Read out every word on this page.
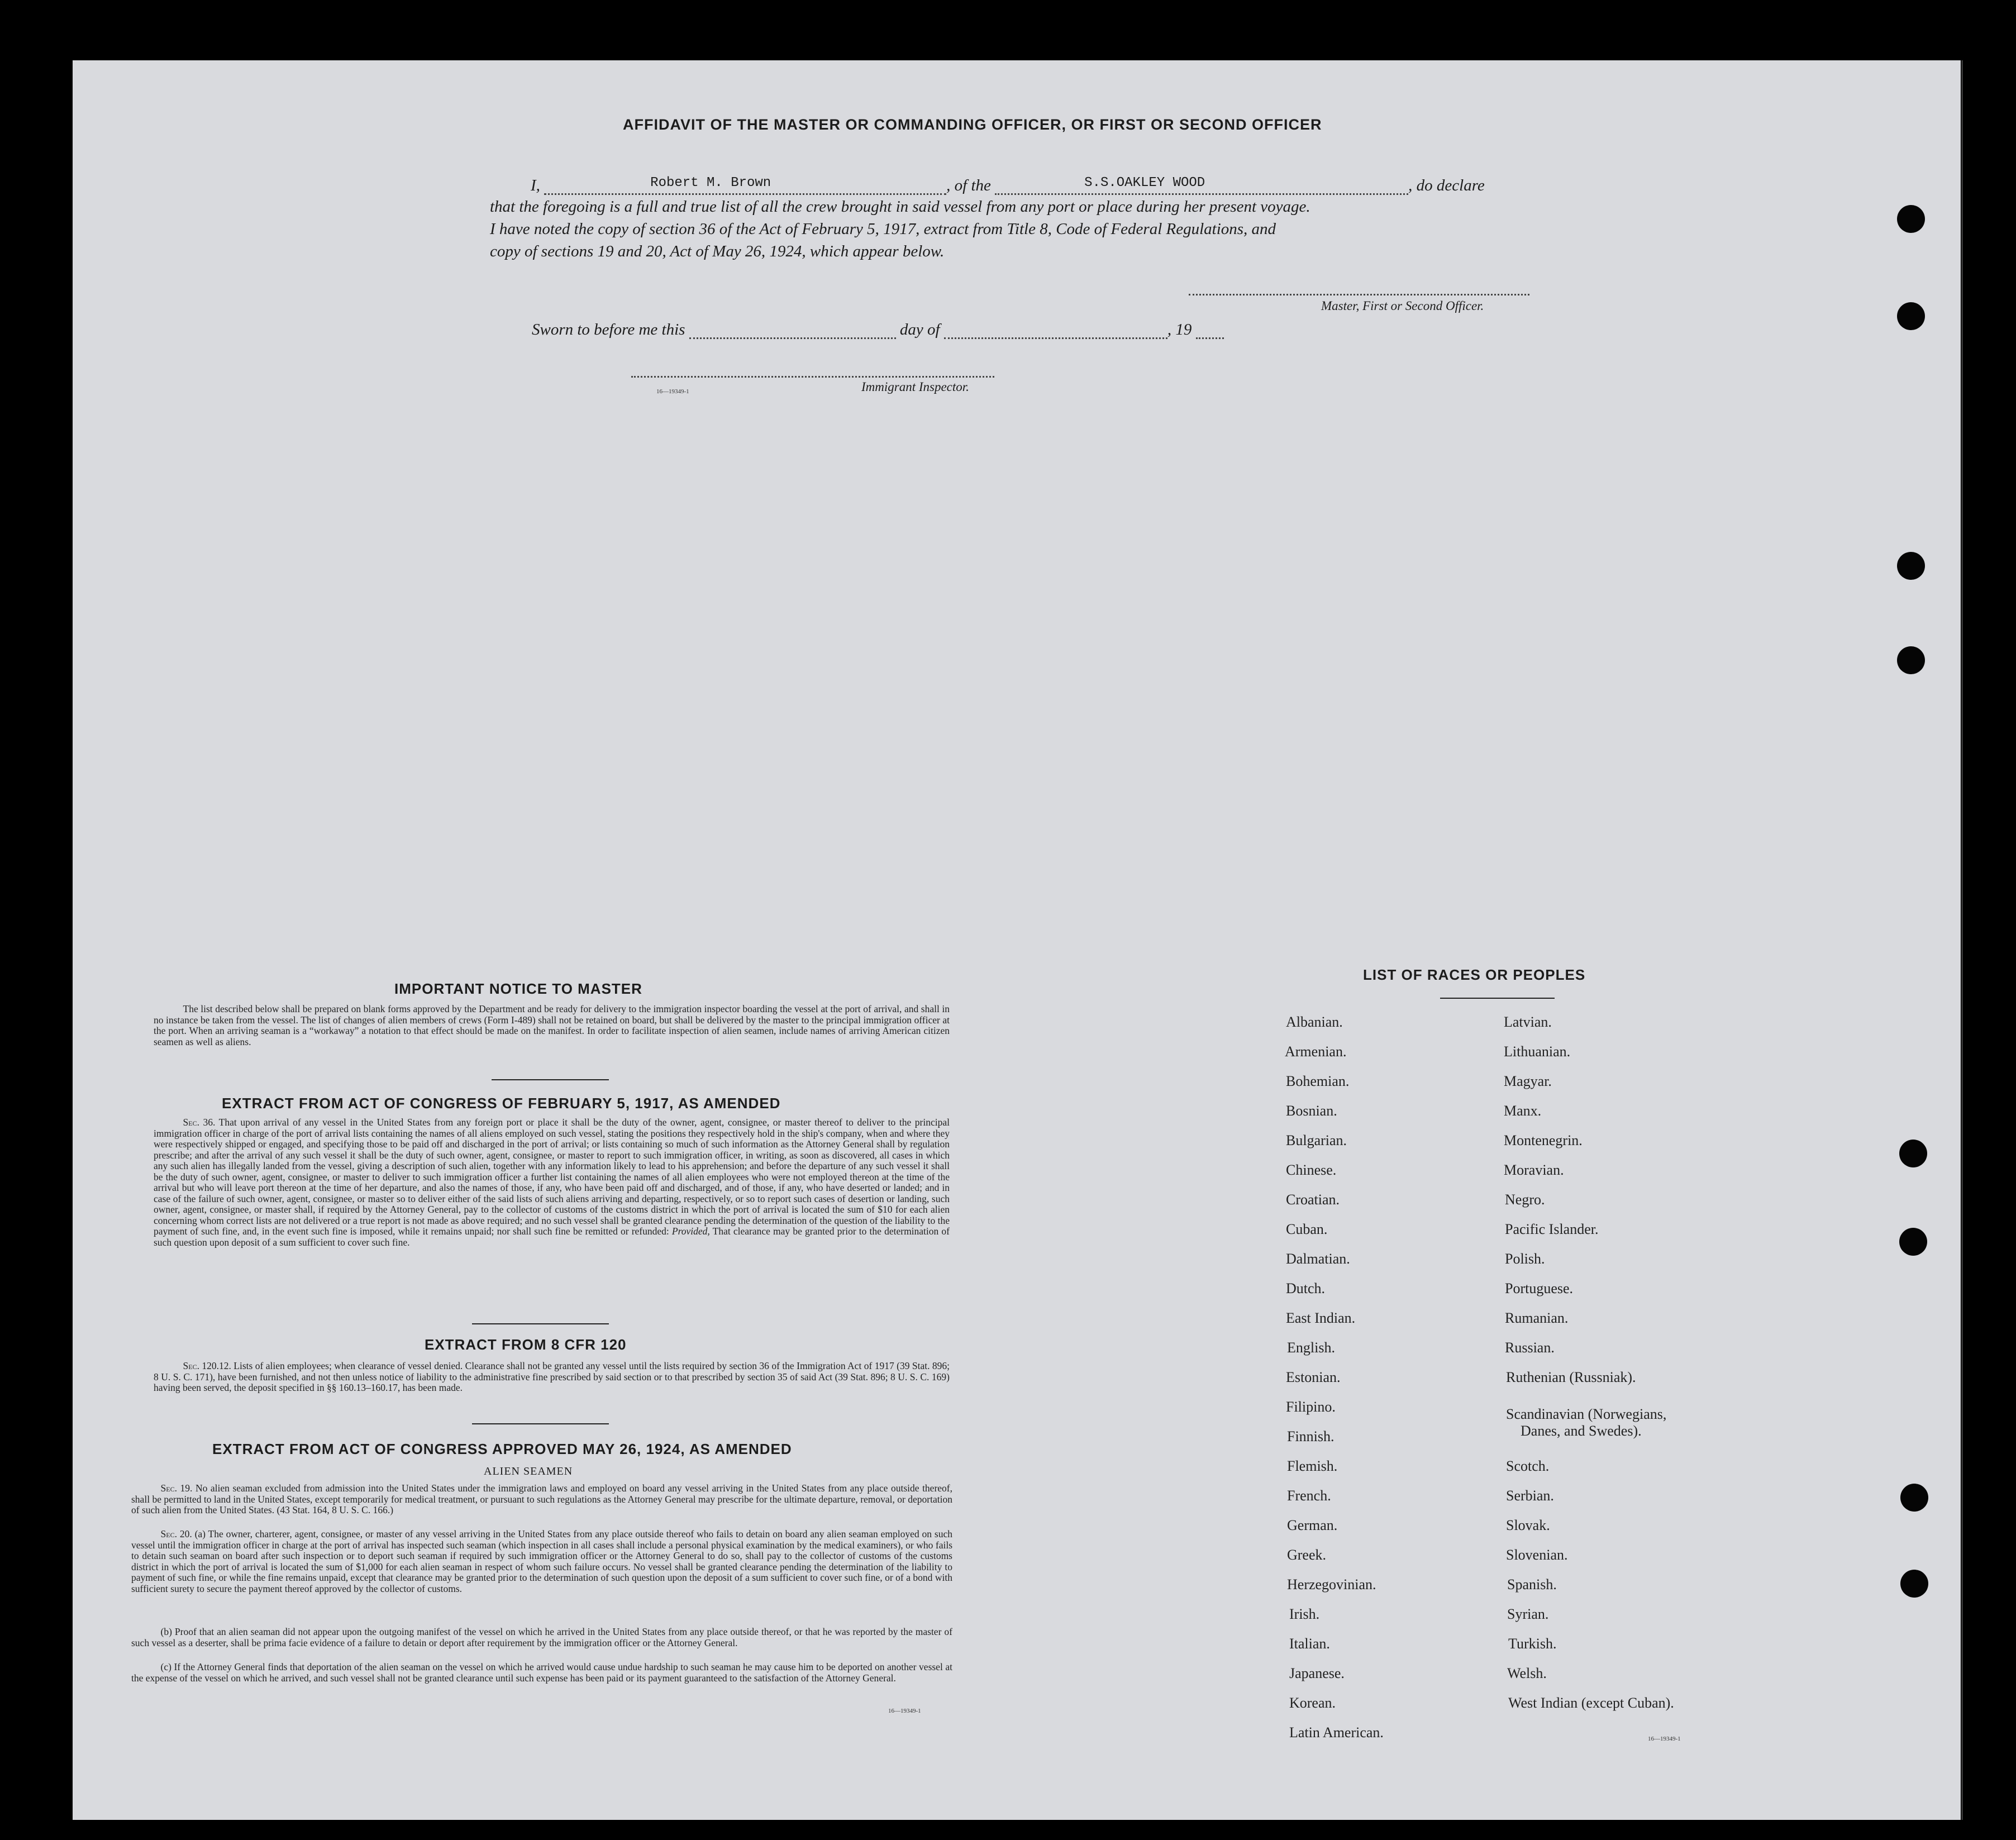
AFFIDAVIT OF THE MASTER OR COMMANDING OFFICER, OR FIRST OR SECOND OFFICER
I,	Robert M. Brown	, of the	S.S.OAKLEY WOOD	, do declare
that the foregoing is a full and true list of all the crew brought in said vessel from any port or place during her present voyage.
I have noted the copy of section 36 of the Act of February 5, 1917, extract from Title 8, Code of Federal Regulations, and
copy of sections 19 and 20, Act of May 26, 1924, which appear below.
Master, First or Second Officer.
Sworn to before me this	day of	, 19
16—19349-1	Immigrant Inspector.
IMPORTANT NOTICE TO MASTER
The list described below shall be prepared on blank forms approved by the Department and be ready for delivery to the immigration inspector boarding the vessel at the port of arrival, and shall in no instance be taken from the vessel. The list of changes of alien members of crews (Form I-489) shall not be retained on board, but shall be delivered by the master to the principal immigration officer at the port. When an arriving seaman is a “workaway” a notation to that effect should be made on the manifest. In order to facilitate inspection of alien seamen, include names of arriving American citizen seamen as well as aliens.
EXTRACT FROM ACT OF CONGRESS OF FEBRUARY 5, 1917, AS AMENDED
Sec. 36. That upon arrival of any vessel in the United States from any foreign port or place it shall be the duty of the owner, agent, consignee, or master thereof to deliver to the principal immigration officer in charge of the port of arrival lists containing the names of all aliens employed on such vessel, stating the positions they respectively hold in the ship's company, when and where they were respectively shipped or engaged, and specifying those to be paid off and discharged in the port of arrival; or lists containing so much of such information as the Attorney General shall by regulation prescribe; and after the arrival of any such vessel it shall be the duty of such owner, agent, consignee, or master to report to such immigration officer, in writing, as soon as discovered, all cases in which any such alien has illegally landed from the vessel, giving a description of such alien, together with any information likely to lead to his apprehension; and before the departure of any such vessel it shall be the duty of such owner, agent, consignee, or master to deliver to such immigration officer a further list containing the names of all alien employees who were not employed thereon at the time of the arrival but who will leave port thereon at the time of her departure, and also the names of those, if any, who have been paid off and discharged, and of those, if any, who have deserted or landed; and in case of the failure of such owner, agent, consignee, or master so to deliver either of the said lists of such aliens arriving and departing, respectively, or so to report such cases of desertion or landing, such owner, agent, consignee, or master shall, if required by the Attorney General, pay to the collector of customs of the customs district in which the port of arrival is located the sum of $10 for each alien concerning whom correct lists are not delivered or a true report is not made as above required; and no such vessel shall be granted clearance pending the determination of the question of the liability to the payment of such fine, and, in the event such fine is imposed, while it remains unpaid; nor shall such fine be remitted or refunded: Provided, That clearance may be granted prior to the determination of such question upon deposit of a sum sufficient to cover such fine.
EXTRACT FROM 8 CFR 120
Sec. 120.12. Lists of alien employees; when clearance of vessel denied. Clearance shall not be granted any vessel until the lists required by section 36 of the Immigration Act of 1917 (39 Stat. 896; 8 U. S. C. 171), have been furnished, and not then unless notice of liability to the administrative fine prescribed by said section or to that prescribed by section 35 of said Act (39 Stat. 896; 8 U. S. C. 169) having been served, the deposit specified in §§ 160.13–160.17, has been made.
EXTRACT FROM ACT OF CONGRESS APPROVED MAY 26, 1924, AS AMENDED
ALIEN SEAMEN
Sec. 19. No alien seaman excluded from admission into the United States under the immigration laws and employed on board any vessel arriving in the United States from any place outside thereof, shall be permitted to land in the United States, except temporarily for medical treatment, or pursuant to such regulations as the Attorney General may prescribe for the ultimate departure, removal, or deportation of such alien from the United States. (43 Stat. 164, 8 U. S. C. 166.)
Sec. 20. (a) The owner, charterer, agent, consignee, or master of any vessel arriving in the United States from any place outside thereof who fails to detain on board any alien seaman employed on such vessel until the immigration officer in charge at the port of arrival has inspected such seaman (which inspection in all cases shall include a personal physical examination by the medical examiners), or who fails to detain such seaman on board after such inspection or to deport such seaman if required by such immigration officer or the Attorney General to do so, shall pay to the collector of customs of the customs district in which the port of arrival is located the sum of $1,000 for each alien seaman in respect of whom such failure occurs. No vessel shall be granted clearance pending the determination of the liability to payment of such fine, or while the fine remains unpaid, except that clearance may be granted prior to the determination of such question upon the deposit of a sum sufficient to cover such fine, or of a bond with sufficient surety to secure the payment thereof approved by the collector of customs.
(b) Proof that an alien seaman did not appear upon the outgoing manifest of the vessel on which he arrived in the United States from any place outside thereof, or that he was reported by the master of such vessel as a deserter, shall be prima facie evidence of a failure to detain or deport after requirement by the immigration officer or the Attorney General.
(c) If the Attorney General finds that deportation of the alien seaman on the vessel on which he arrived would cause undue hardship to such seaman he may cause him to be deported on another vessel at the expense of the vessel on which he arrived, and such vessel shall not be granted clearance until such expense has been paid or its payment guaranteed to the satisfaction of the Attorney General.
16—19349-1
LIST OF RACES OR PEOPLES
Albanian.
Armenian.
Bohemian.
Bosnian.
Bulgarian.
Chinese.
Croatian.
Cuban.
Dalmatian.
Dutch.
East Indian.
English.
Estonian.
Filipino.
Finnish.
Flemish.
French.
German.
Greek.
Herzegovinian.
Irish.
Italian.
Japanese.
Korean.
Latin American.
Latvian.
Lithuanian.
Magyar.
Manx.
Montenegrin.
Moravian.
Negro.
Pacific Islander.
Polish.
Portuguese.
Rumanian.
Russian.
Ruthenian (Russniak).
Scandinavian (Norwegians,
Danes, and Swedes).
Scotch.
Serbian.
Slovak.
Slovenian.
Spanish.
Syrian.
Turkish.
Welsh.
West Indian (except Cuban).
16—19349-1
